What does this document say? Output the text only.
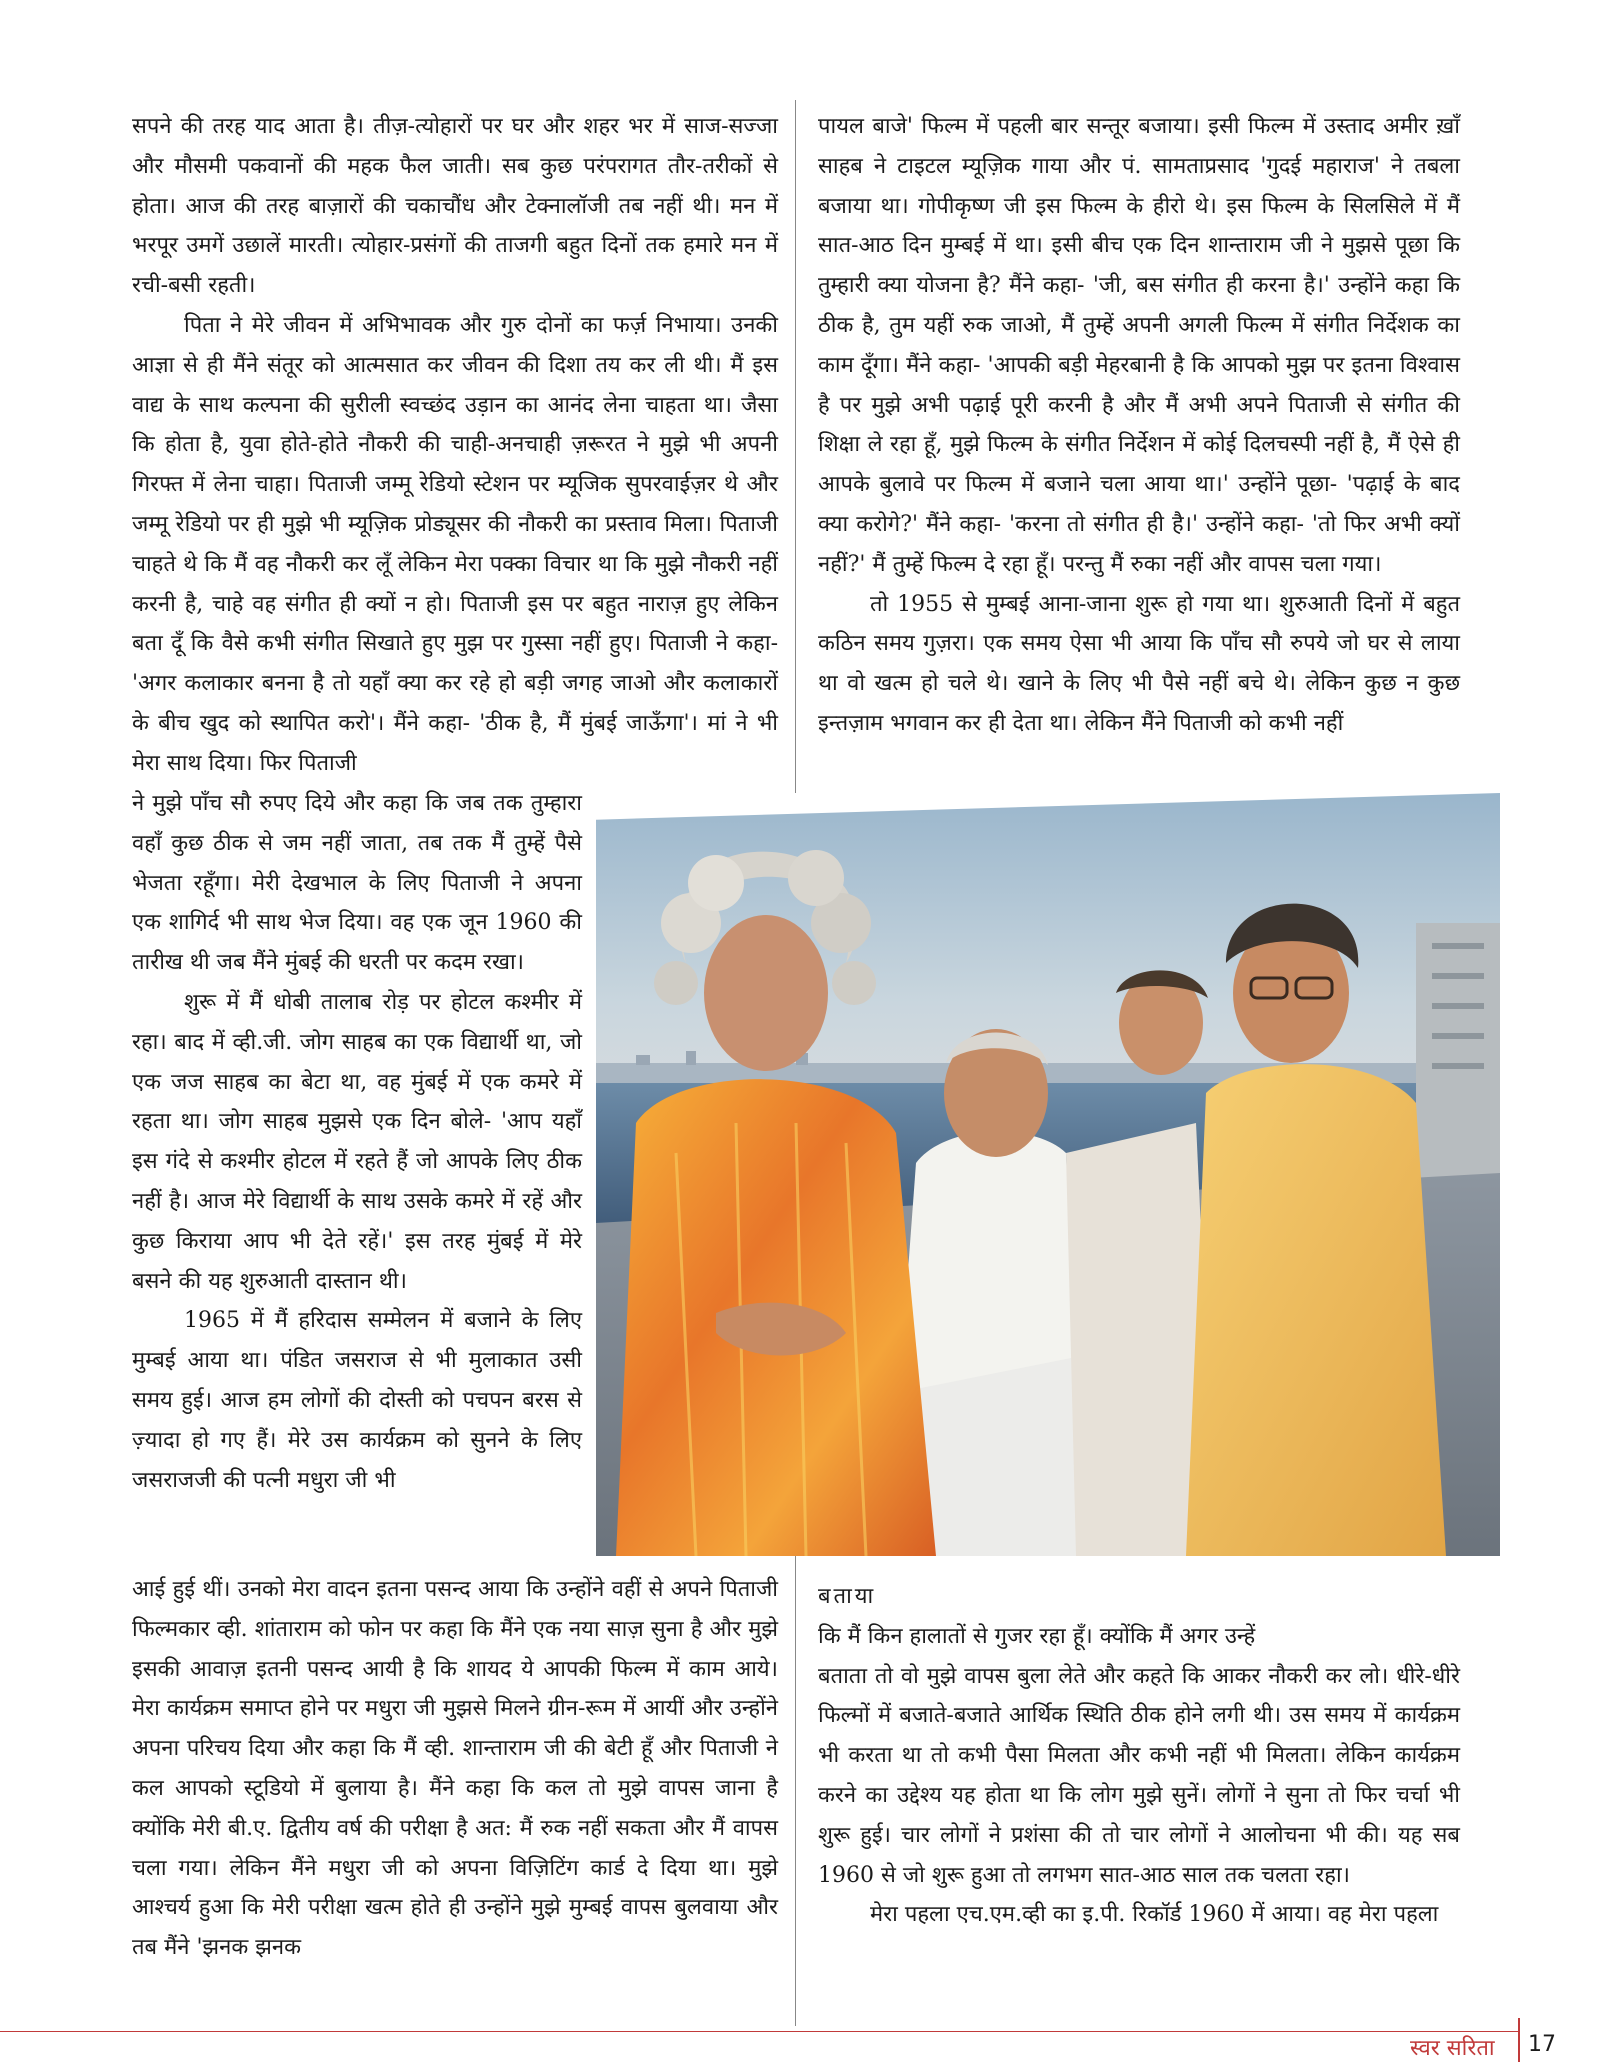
सपने की तरह याद आता है। तीज़-त्योहारों पर घर और शहर भर में साज-सज्जा और मौसमी पकवानों की महक फैल जाती। सब कुछ परंपरागत तौर-तरीकों से होता। आज की तरह बाज़ारों की चकाचौंध और टेक्नालॉजी तब नहीं थी। मन में भरपूर उमगें उछालें मारती। त्योहार-प्रसंगों की ताजगी बहुत दिनों तक हमारे मन में रची-बसी रहती।

पिता ने मेरे जीवन में अभिभावक और गुरु दोनों का फर्ज़ निभाया। उनकी आज्ञा से ही मैंने संतूर को आत्मसात कर जीवन की दिशा तय कर ली थी। मैं इस वाद्य के साथ कल्पना की सुरीली स्वच्छंद उड़ान का आनंद लेना चाहता था। जैसा कि होता है, युवा होते-होते नौकरी की चाही-अनचाही ज़रूरत ने मुझे भी अपनी गिरफ्त में लेना चाहा। पिताजी जम्मू रेडियो स्टेशन पर म्यूजिक सुपरवाईज़र थे और जम्मू रेडियो पर ही मुझे भी म्यूज़िक प्रोड्यूसर की नौकरी का प्रस्ताव मिला। पिताजी चाहते थे कि मैं वह नौकरी कर लूँ लेकिन मेरा पक्का विचार था कि मुझे नौकरी नहीं करनी है, चाहे वह संगीत ही क्यों न हो। पिताजी इस पर बहुत नाराज़ हुए लेकिन बता दूँ कि वैसे कभी संगीत सिखाते हुए मुझ पर गुस्सा नहीं हुए। पिताजी ने कहा- 'अगर कलाकार बनना है तो यहाँ क्या कर रहे हो बड़ी जगह जाओ और कलाकारों के बीच खुद को स्थापित करो'। मैंने कहा- 'ठीक है, मैं मुंबई जाऊँगा'। मां ने भी मेरा साथ दिया। फिर पिताजी

ने मुझे पाँच सौ रुपए दिये और कहा कि जब तक तुम्हारा वहाँ कुछ ठीक से जम नहीं जाता, तब तक मैं तुम्हें पैसे भेजता रहूँगा। मेरी देखभाल के लिए पिताजी ने अपना एक शागिर्द भी साथ भेज दिया। वह एक जून 1960 की तारीख थी जब मैंने मुंबई की धरती पर कदम रखा।

शुरू में मैं धोबी तालाब रोड़ पर होटल कश्मीर में रहा। बाद में व्ही.जी. जोग साहब का एक विद्यार्थी था, जो एक जज साहब का बेटा था, वह मुंबई में एक कमरे में रहता था। जोग साहब मुझसे एक दिन बोले- 'आप यहाँ इस गंदे से कश्मीर होटल में रहते हैं जो आपके लिए ठीक नहीं है। आज मेरे विद्यार्थी के साथ उसके कमरे में रहें और कुछ किराया आप भी देते रहें।' इस तरह मुंबई में मेरे बसने की यह शुरुआती दास्तान थी।

1965 में मैं हरिदास सम्मेलन में बजाने के लिए मुम्बई आया था। पंडित जसराज से भी मुलाकात उसी समय हुई। आज हम लोगों की दोस्ती को पचपन बरस से ज़्यादा हो गए हैं। मेरे उस कार्यक्रम को सुनने के लिए जसराजजी की पत्नी मधुरा जी भी

आई हुई थीं। उनको मेरा वादन इतना पसन्द आया कि उन्होंने वहीं से अपने पिताजी फिल्मकार व्ही. शांताराम को फोन पर कहा कि मैंने एक नया साज़ सुना है और मुझे इसकी आवाज़ इतनी पसन्द आयी है कि शायद ये आपकी फिल्म में काम आये। मेरा कार्यक्रम समाप्त होने पर मधुरा जी मुझसे मिलने ग्रीन-रूम में आयीं और उन्होंने अपना परिचय दिया और कहा कि मैं व्ही. शान्ताराम जी की बेटी हूँ और पिताजी ने कल आपको स्टूडियो में बुलाया है। मैंने कहा कि कल तो मुझे वापस जाना है क्योंकि मेरी बी.ए. द्वितीय वर्ष की परीक्षा है अत: मैं रुक नहीं सकता और मैं वापस चला गया। लेकिन मैंने मधुरा जी को अपना विज़िटिंग कार्ड दे दिया था। मुझे आश्चर्य हुआ कि मेरी परीक्षा खत्म होते ही उन्होंने मुझे मुम्बई वापस बुलवाया और तब मैंने 'झनक झनक

पायल बाजे' फिल्म में पहली बार सन्तूर बजाया। इसी फिल्म में उस्ताद अमीर ख़ाँ साहब ने टाइटल म्यूज़िक गाया और पं. सामताप्रसाद 'गुदई महाराज' ने तबला बजाया था। गोपीकृष्ण जी इस फिल्म के हीरो थे। इस फिल्म के सिलसिले में मैं सात-आठ दिन मुम्बई में था। इसी बीच एक दिन शान्ताराम जी ने मुझसे पूछा कि तुम्हारी क्या योजना है? मैंने कहा- 'जी, बस संगीत ही करना है।' उन्होंने कहा कि ठीक है, तुम यहीं रुक जाओ, मैं तुम्हें अपनी अगली फिल्म में संगीत निर्देशक का काम दूँगा। मैंने कहा- 'आपकी बड़ी मेहरबानी है कि आपको मुझ पर इतना विश्वास है पर मुझे अभी पढ़ाई पूरी करनी है और मैं अभी अपने पिताजी से संगीत की शिक्षा ले रहा हूँ, मुझे फिल्म के संगीत निर्देशन में कोई दिलचस्पी नहीं है, मैं ऐसे ही आपके बुलावे पर फिल्म में बजाने चला आया था।' उन्होंने पूछा- 'पढ़ाई के बाद क्या करोगे?' मैंने कहा- 'करना तो संगीत ही है।' उन्होंने कहा- 'तो फिर अभी क्यों नहीं?' मैं तुम्हें फिल्म दे रहा हूँ। परन्तु मैं रुका नहीं और वापस चला गया।

तो 1955 से मुम्बई आना-जाना शुरू हो गया था। शुरुआती दिनों में बहुत कठिन समय गुज़रा। एक समय ऐसा भी आया कि पाँच सौ रुपये जो घर से लाया था वो खत्म हो चले थे। खाने के लिए भी पैसे नहीं बचे थे। लेकिन कुछ न कुछ इन्तज़ाम भगवान कर ही देता था। लेकिन मैंने पिताजी को कभी नहीं

बताया

कि मैं किन हालातों से गुजर रहा हूँ। क्योंकि मैं अगर उन्हें

बताता तो वो मुझे वापस बुला लेते और कहते कि आकर नौकरी कर लो। धीरे-धीरे फिल्मों में बजाते-बजाते आर्थिक स्थिति ठीक होने लगी थी। उस समय में कार्यक्रम भी करता था तो कभी पैसा मिलता और कभी नहीं भी मिलता। लेकिन कार्यक्रम करने का उद्देश्य यह होता था कि लोग मुझे सुनें। लोगों ने सुना तो फिर चर्चा भी शुरू हुई। चार लोगों ने प्रशंसा की तो चार लोगों ने आलोचना भी की। यह सब 1960 से जो शुरू हुआ तो लगभग सात-आठ साल तक चलता रहा।

मेरा पहला एच.एम.व्ही का इ.पी. रिकॉर्ड 1960 में आया। वह मेरा पहला

स्वर सरिता 17
